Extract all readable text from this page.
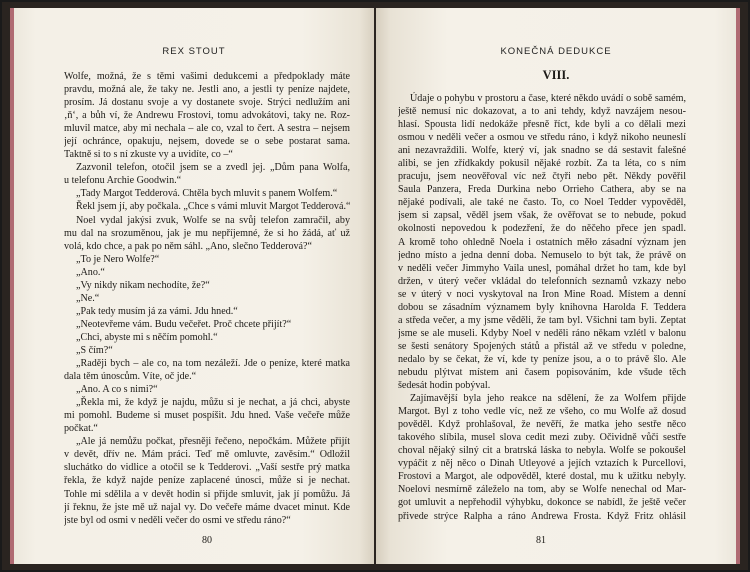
REX STOUT
Wolfe, možná, že s těmi vašimi dedukcemi a předpoklady máte
pravdu, možná ale, že taky ne. Jestli ano, a jestli ty peníze najdete,
prosím. Já dostanu svoje a vy dostanete svoje. Strýci nedlužím ani
‚ň‘, a bůh ví, že Andrewu Frostovi, tomu advokátovi, taky ne. Roz-
mluvil matce, aby mi nechala – ale co, vzal to čert. A sestra – nejsem
její ochránce, opakuju, nejsem, dovede se o sebe postarat sama.
Taktně si to s ní zkuste vy a uvidíte, co –“
Zazvonil telefon, otočil jsem se a zvedl jej. „Dům pana Wolfa,
u telefonu Archie Goodwin.“
„Tady Margot Tedderová. Chtěla bych mluvit s panem Wolfem.“
Řekl jsem jí, aby počkala. „Chce s vámi mluvit Margot Tedderová.“
Noel vydal jakýsi zvuk, Wolfe se na svůj telefon zamračil, aby
mu dal na srozuměnou, jak je mu nepříjemné, že si ho žádá, ať už
volá, kdo chce, a pak po něm sáhl. „Ano, slečno Tedderová?“
„To je Nero Wolfe?“
„Ano.“
„Vy nikdy nikam nechodíte, že?“
„Ne.“
„Pak tedy musím já za vámi. Jdu hned.“
„Neotevřeme vám. Budu večeřet. Proč chcete přijít?“
„Chci, abyste mi s něčím pomohl.“
„S čím?“
„Raději bych – ale co, na tom nezáleží. Jde o peníze, které matka
dala těm únoscům. Víte, oč jde.“
„Ano. A co s nimi?“
„Řekla mi, že když je najdu, můžu si je nechat, a já chci, abyste
mi pomohl. Budeme si muset pospíšit. Jdu hned. Vaše večeře může
počkat.“
„Ale já nemůžu počkat, přesněji řečeno, nepočkám. Můžete přijít
v devět, dřív ne. Mám práci. Teď mě omluvte, zavěsím.“ Odložil
sluchátko do vidlice a otočil se k Tedderovi. „Vaší sestře prý matka
řekla, že když najde peníze zaplacené únosci, může si je nechat.
Tohle mi sdělila a v devět hodin si přijde smluvit, jak jí pomůžu. Já
jí řeknu, že jste mě už najal vy. Do večeře máme dvacet minut. Kde
jste byl od osmi v neděli večer do osmi ve středu ráno?“
80
KONEČNÁ DEDUKCE
VIII.
Údaje o pohybu v prostoru a čase, které někdo uvádí o sobě samém,
ještě nemusí nic dokazovat, a to ani tehdy, když navzájem nesou-
hlasí. Spousta lidí nedokáže přesně říct, kde byli a co dělali mezi
osmou v neděli večer a osmou ve středu ráno, i když nikoho neuneslí
ani nezavraždili. Wolfe, který ví, jak snadno se dá sestavit falešné
alibi, se jen zřídkakdy pokusil nějaké rozbít. Za ta léta, co s ním
pracuju, jsem neověřoval víc než čtyři nebo pět. Někdy pověřil
Saula Panzera, Freda Durkina nebo Orrieho Cathera, aby se na
nějaké podívali, ale také ne často. To, co Noel Tedder vypověděl,
jsem si zapsal, věděl jsem však, že ověřovat se to nebude, pokud
okolnosti nepovedou k podezření, že do něčeho přece jen spadl.
A kromě toho ohledně Noela i ostatních měło zásadní význam jen
jedno místo a jedna denní doba. Nemuselo to být tak, že právě on
v neděli večer Jimmyho Vaila unesl, pomáhal držet ho tam, kde byl
držen, v úterý večer vkládal do telefonních seznamů vzkazy nebo
se v úterý v noci vyskytoval na Iron Mine Road. Místem a denní
dobou se zásadním významem byly knihovna Harolda F. Teddera
a středa večer, a my jsme věděli, že tam byl. Všichni tam byli. Zeptat
jsme se ale museli. Kdyby Noel v neděli ráno někam vzlétl v balonu
se šesti senátory Spojených států a přistál až ve středu v poledne,
nedalo by se čekat, že ví, kde ty peníze jsou, a o to právě šlo. Ale
nebudu plýtvat místem ani časem popisováním, kde všude těch
šedesát hodin pobýval.
Zajímavější byla jeho reakce na sdělení, že za Wolfem přijde
Margot. Byl z toho vedle víc, než ze všeho, co mu Wolfe až dosud
pověděl. Když prohlašoval, že nevěří, že matka jeho sestře něco
takového slíbila, musel slova cedit mezi zuby. Očividně vůči sestře
choval nějaký silný cit a bratrská láska to nebyla. Wolfe se pokoušel
vypáčit z něj něco o Dinah Utleyové a jejích vztazích k Purcellovi,
Frostovi a Margot, ale odpověděl, které dostal, mu k užitku nebyly.
Noelovi nesmírně záleželo na tom, aby se Wolfe nenechal od Mar-
got umluvit a nepřehodil výhybku, dokonce se nabídl, že ještě večer
přivede strýce Ralpha a ráno Andrewa Frosta. Když Fritz ohlásil
81
